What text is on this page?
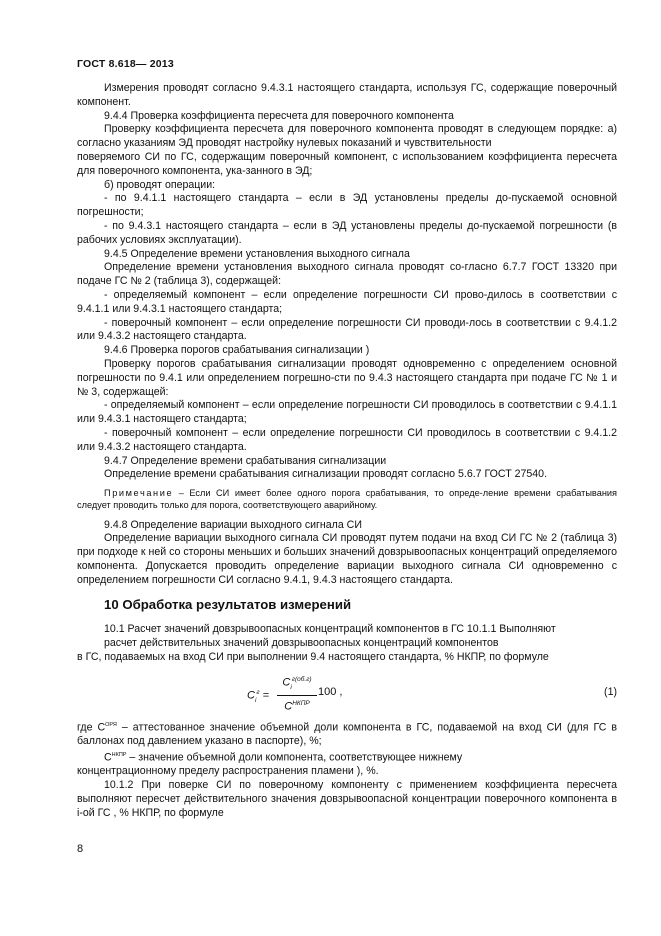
ГОСТ 8.618— 2013

Измерения проводят согласно 9.4.3.1 настоящего стандарта, используя ГС, содержащие поверочный компонент.

9.4.4 Проверка коэффициента пересчета для поверочного компонента

Проверку коэффициента пересчета для поверочного компонента проводят в следующем порядке: а) согласно указаниям ЭД проводят настройку нулевых показаний и чувствительности

поверяемого СИ по ГС, содержащим поверочный компонент, с использованием коэффициента пересчета для поверочного компонента, ука-занного в ЭД;

б) проводят операции:

- по 9.4.1.1 настоящего стандарта – если в ЭД установлены пределы до-пускаемой основной погрешности;

- по 9.4.3.1 настоящего стандарта – если в ЭД установлены пределы до-пускаемой погрешности (в рабочих условиях эксплуатации).

9.4.5 Определение времени установления выходного сигнала

Определение времени установления выходного сигнала проводят со-гласно 6.7.7 ГОСТ 13320 при подаче ГС № 2 (таблица 3), содержащей:

- определяемый компонент – если определение погрешности СИ прово-дилось в соответствии с 9.4.1.1 или 9.4.3.1 настоящего стандарта;

- поверочный компонент – если определение погрешности СИ проводи-лось в соответствии с 9.4.1.2 или 9.4.3.2 настоящего стандарта.

9.4.6 Проверка порогов срабатывания сигнализации )

Проверку порогов срабатывания сигнализации проводят одновременно с определением основной погрешности по 9.4.1 или определением погрешно-сти по 9.4.3 настоящего стандарта при подаче ГС № 1 и № 3, содержащей:

- определяемый компонент – если определение погрешности СИ проводилось в соответствии с 9.4.1.1 или 9.4.3.1 настоящего стандарта;

- поверочный компонент – если определение погрешности СИ проводилось в соответствии с 9.4.1.2 или 9.4.3.2 настоящего стандарта.

9.4.7 Определение времени срабатывания сигнализации

Определение времени срабатывания сигнализации проводят согласно 5.6.7 ГОСТ 27540.

Примечание – Если СИ имеет более одного порога срабатывания, то опреде-ление времени срабатывания следует проводить только для порога, соответствующего аварийному.

9.4.8 Определение вариации выходного сигнала СИ

Определение вариации выходного сигнала СИ проводят путем подачи на вход СИ ГС № 2 (таблица 3) при подходе к ней со стороны меньших и больших значений довзрывоопасных концентраций определяемого компонента. Допускается проводить определение вариации выходного сигнала СИ одновременно с определением погрешности СИ согласно 9.4.1, 9.4.3 настоящего стандарта.

10 Обработка результатов измерений

10.1 Расчет значений довзрывоопасных концентраций компонентов в ГС 10.1.1 Выполняют

расчет действительных значений довзрывоопасных концентраций компонентов

в ГС, подаваемых на вход СИ при выполнении 9.4 настоящего стандарта, % НКПР, по формуле

$C_i^г$ =
$C_i^{г(об.г)}$
$C^{НКПР}$
100 ,	(1)

где $C^{ОРЯ}$ – аттестованное значение объемной доли компонента в ГС, подаваемой на вход СИ (для ГС в баллонах под давлением указано в паспорте), %;

$C^{НКПР}$ – значение объемной доли компонента, соответствующее нижнему

концентрационному пределу распространения пламени ), %.

10.1.2 При поверке СИ по поверочному компоненту с применением коэффициента пересчета выполняют пересчет действительного значения довзрывоопасной концентрации поверочного компонента в i-ой ГС , % НКПР, по формуле

8
